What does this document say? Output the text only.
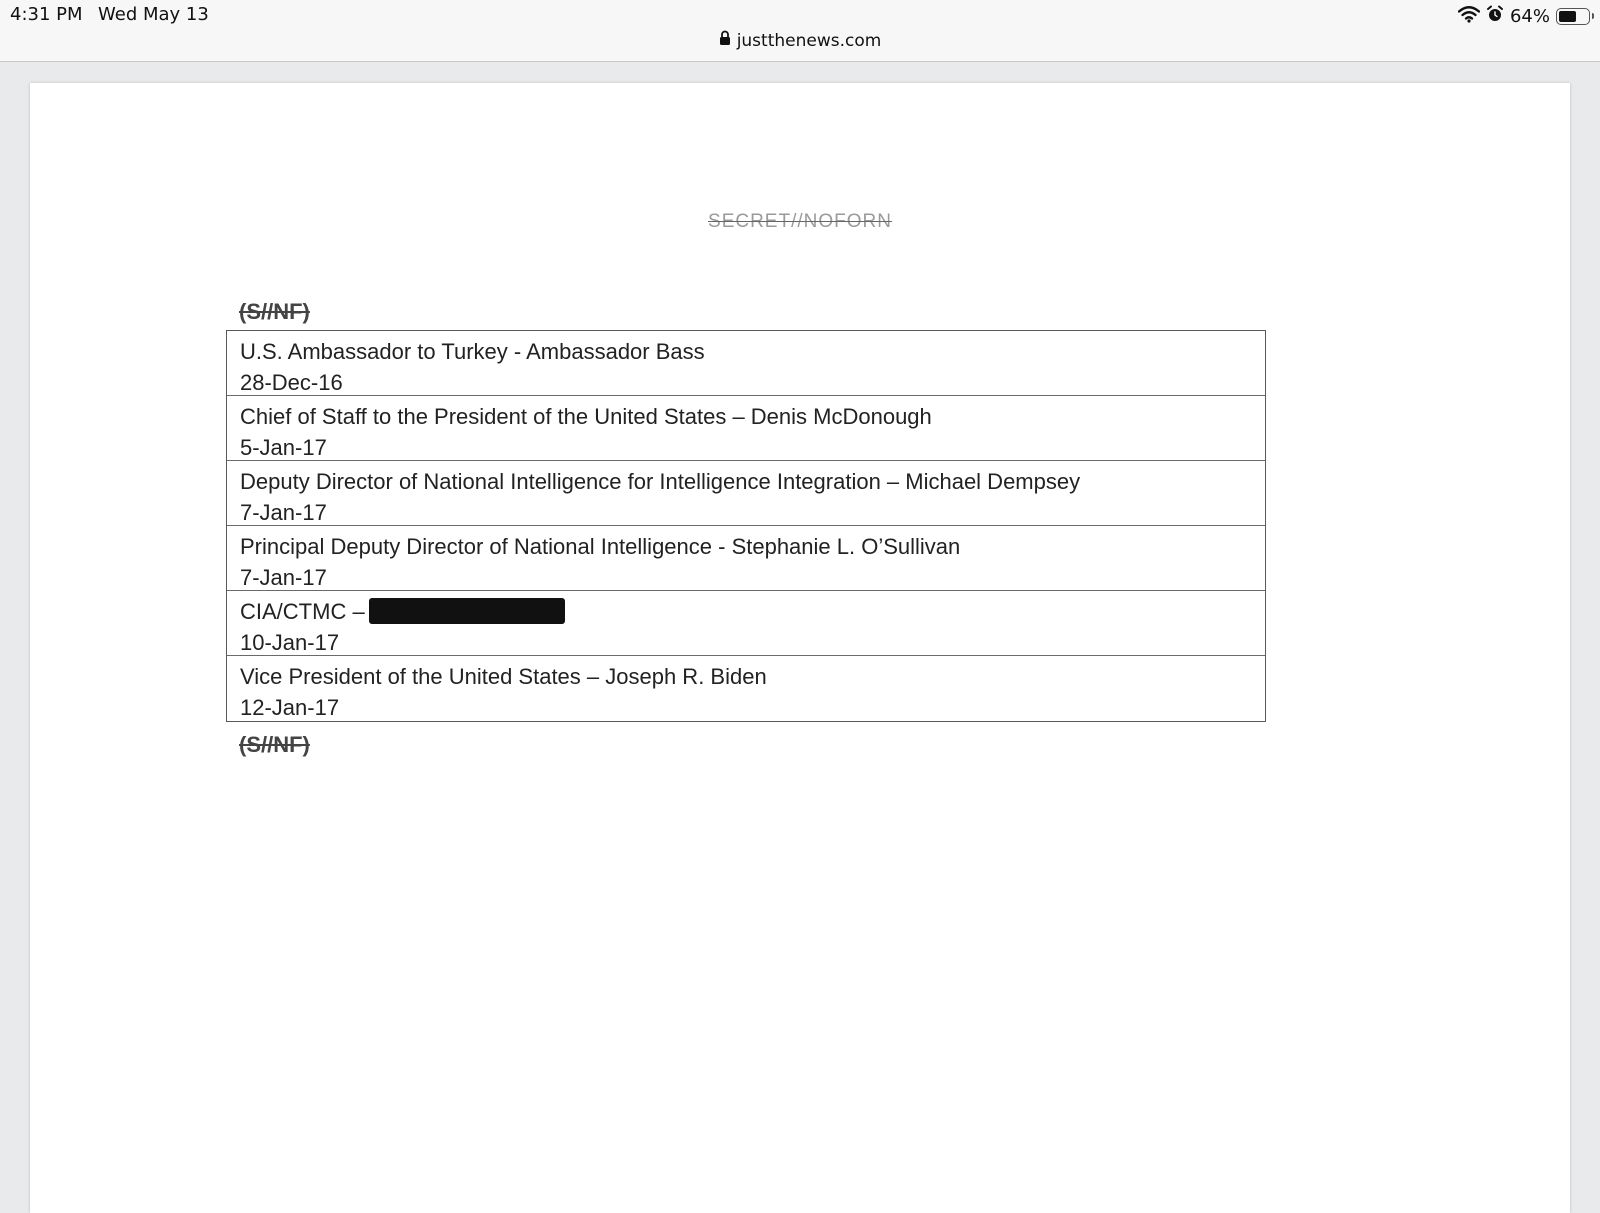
4:31 PM Wed May 13	64%
justthenews.com
SECRET//NOFORN
(S//NF)
U.S. Ambassador to Turkey - Ambassador Bass
28-Dec-16
Chief of Staff to the President of the United States – Denis McDonough
5-Jan-17
Deputy Director of National Intelligence for Intelligence Integration – Michael Dempsey
7-Jan-17
Principal Deputy Director of National Intelligence - Stephanie L. O’Sullivan
7-Jan-17
CIA/CTMC –
10-Jan-17
Vice President of the United States – Joseph R. Biden
12-Jan-17
(S//NF)
